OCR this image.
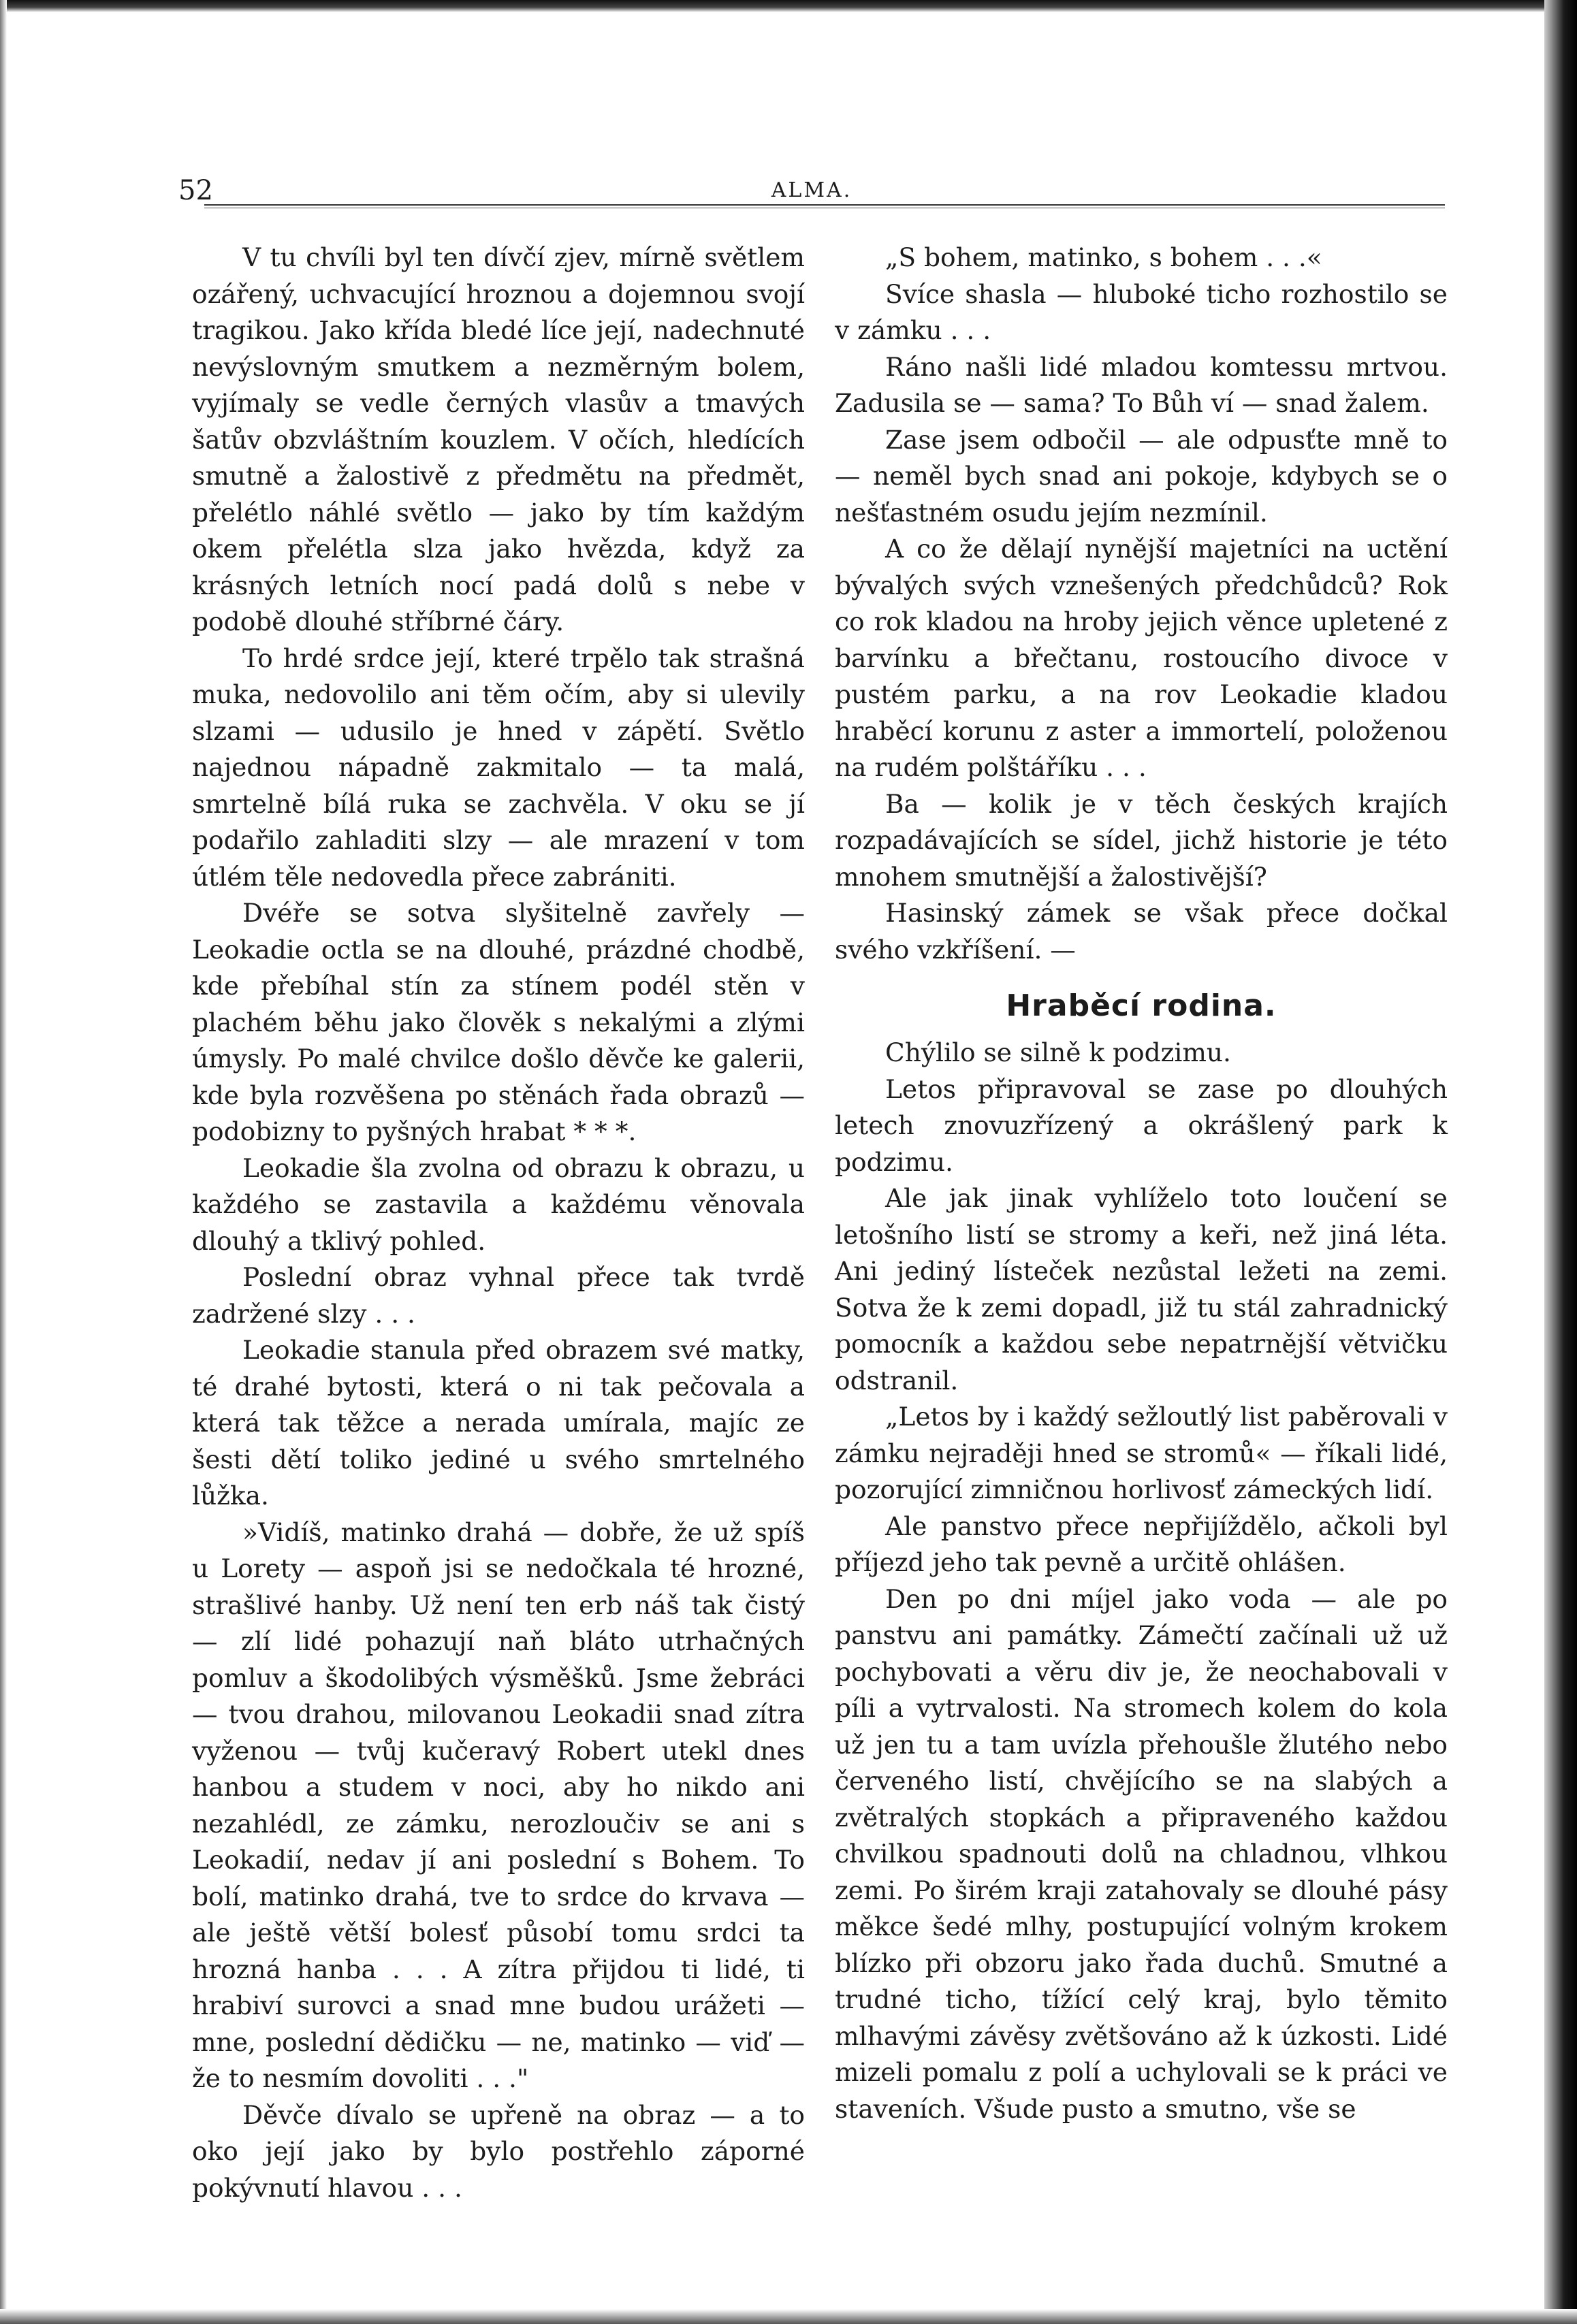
52	ALMA.

V tu chvíli byl ten dívčí zjev, mírně světlem ozářený, uchvacující hroznou a dojemnou svojí tragikou. Jako křída bledé líce její, nadechnuté nevýslovným smutkem a nezměrným bolem, vyjímaly se vedle černých vlasův a tmavých šatův obzvláštním kouzlem. V očích, hledících smutně a žalostivě z předmětu na předmět, přelétlo náhlé světlo — jako by tím každým okem přelétla slza jako hvězda, když za krásných letních nocí padá dolů s nebe v podobě dlouhé stříbrné čáry.

To hrdé srdce její, které trpělo tak strašná muka, nedovolilo ani těm očím, aby si ulevily slzami — udusilo je hned v zápětí. Světlo najednou nápadně zakmitalo — ta malá, smrtelně bílá ruka se zachvěla. V oku se jí podařilo zahladiti slzy — ale mrazení v tom útlém těle nedovedla přece zabrániti.

Dvéře se sotva slyšitelně zavřely — Leokadie octla se na dlouhé, prázdné chodbě, kde přebíhal stín za stínem podél stěn v plachém běhu jako člověk s nekalými a zlými úmysly. Po malé chvilce došlo děvče ke galerii, kde byla rozvěšena po stěnách řada obrazů — podobizny to pyšných hrabat * * *.

Leokadie šla zvolna od obrazu k obrazu, u každého se zastavila a každému věnovala dlouhý a tklivý pohled.

Poslední obraz vyhnal přece tak tvrdě zadržené slzy . . .

Leokadie stanula před obrazem své matky, té drahé bytosti, která o ni tak pečovala a která tak těžce a nerada umírala, majíc ze šesti dětí toliko jediné u svého smrtelného lůžka.

»Vidíš, matinko drahá — dobře, že už spíš u Lorety — aspoň jsi se nedočkala té hrozné, strašlivé hanby. Už není ten erb náš tak čistý — zlí lidé pohazují naň bláto utrhačných pomluv a škodolibých výsměšků. Jsme žebráci — tvou drahou, milovanou Leokadii snad zítra vyženou — tvůj kučeravý Robert utekl dnes hanbou a studem v noci, aby ho nikdo ani nezahlédl, ze zámku, nerozloučiv se ani s Leokadií, nedav jí ani poslední s Bohem. To bolí, matinko drahá, tve to srdce do krvava — ale ještě větší bolesť působí tomu srdci ta hrozná hanba . . . A zítra přijdou ti lidé, ti hrabiví surovci a snad mne budou urážeti — mne, poslední dědičku — ne, matinko — viď — že to nesmím dovoliti . . ."

Děvče dívalo se upřeně na obraz — a to oko její jako by bylo postřehlo záporné pokývnutí hlavou . . .

„S bohem, matinko, s bohem . . .«

Svíce shasla — hluboké ticho rozhostilo se v zámku . . .

Ráno našli lidé mladou komtessu mrtvou. Zadusila se — sama? To Bůh ví — snad žalem.

Zase jsem odbočil — ale odpusťte mně to — neměl bych snad ani pokoje, kdybych se o nešťastném osudu jejím nezmínil.

A co že dělají nynější majetníci na uctění bývalých svých vznešených předchůdců? Rok co rok kladou na hroby jejich věnce upletené z barvínku a břečtanu, rostoucího divoce v pustém parku, a na rov Leokadie kladou hraběcí korunu z aster a immortelí, položenou na rudém polštáříku . . .

Ba — kolik je v těch českých krajích rozpadávajících se sídel, jichž historie je této mnohem smutnější a žalostivější?

Hasinský zámek se však přece dočkal svého vzkříšení. —

Hraběcí rodina.

Chýlilo se silně k podzimu.

Letos připravoval se zase po dlouhých letech znovuzřízený a okrášlený park k podzimu.

Ale jak jinak vyhlíželo toto loučení se letošního listí se stromy a keři, než jiná léta. Ani jediný lísteček nezůstal ležeti na zemi. Sotva že k zemi dopadl, již tu stál zahradnický pomocník a každou sebe nepatrnější větvičku odstranil.

„Letos by i každý sežloutlý list paběrovali v zámku nejraději hned se stromů« — říkali lidé, pozorující zimničnou horlivosť zámeckých lidí.

Ale panstvo přece nepřijíždělo, ačkoli byl příjezd jeho tak pevně a určitě ohlášen.

Den po dni míjel jako voda — ale po panstvu ani památky. Zámečtí začínali už už pochybovati a věru div je, že neochabovali v píli a vytrvalosti. Na stromech kolem do kola už jen tu a tam uvízla přehoušle žlutého nebo červeného listí, chvějícího se na slabých a zvětralých stopkách a připraveného každou chvilkou spadnouti dolů na chladnou, vlhkou zemi. Po širém kraji zatahovaly se dlouhé pásy měkce šedé mlhy, postupující volným krokem blízko při obzoru jako řada duchů. Smutné a trudné ticho, tížící celý kraj, bylo těmito mlhavými závěsy zvětšováno až k úzkosti. Lidé mizeli pomalu z polí a uchylovali se k práci ve staveních. Všude pusto a smutno, vše se
